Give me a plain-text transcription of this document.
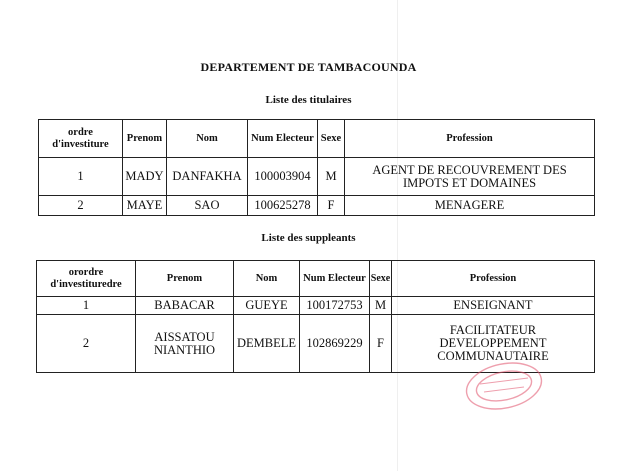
DEPARTEMENT DE TAMBACOUNDA
Liste des titulaires
ordre d'investiture	Prenom	Nom	Num Electeur	Sexe	Profession
1	MADY	DANFAKHA	100003904	M	AGENT DE RECOUVREMENT DES IMPOTS ET DOMAINES
2	MAYE	SAO	100625278	F	MENAGERE
Liste des suppleants
orordre d'investituredre	Prenom	Nom	Num Electeur	Sexe	Profession
1	BABACAR	GUEYE	100172753	M	ENSEIGNANT
2	AISSATOU NIANTHIO	DEMBELE	102869229	F	FACILITATEUR DEVELOPPEMENT COMMUNAUTAIRE
